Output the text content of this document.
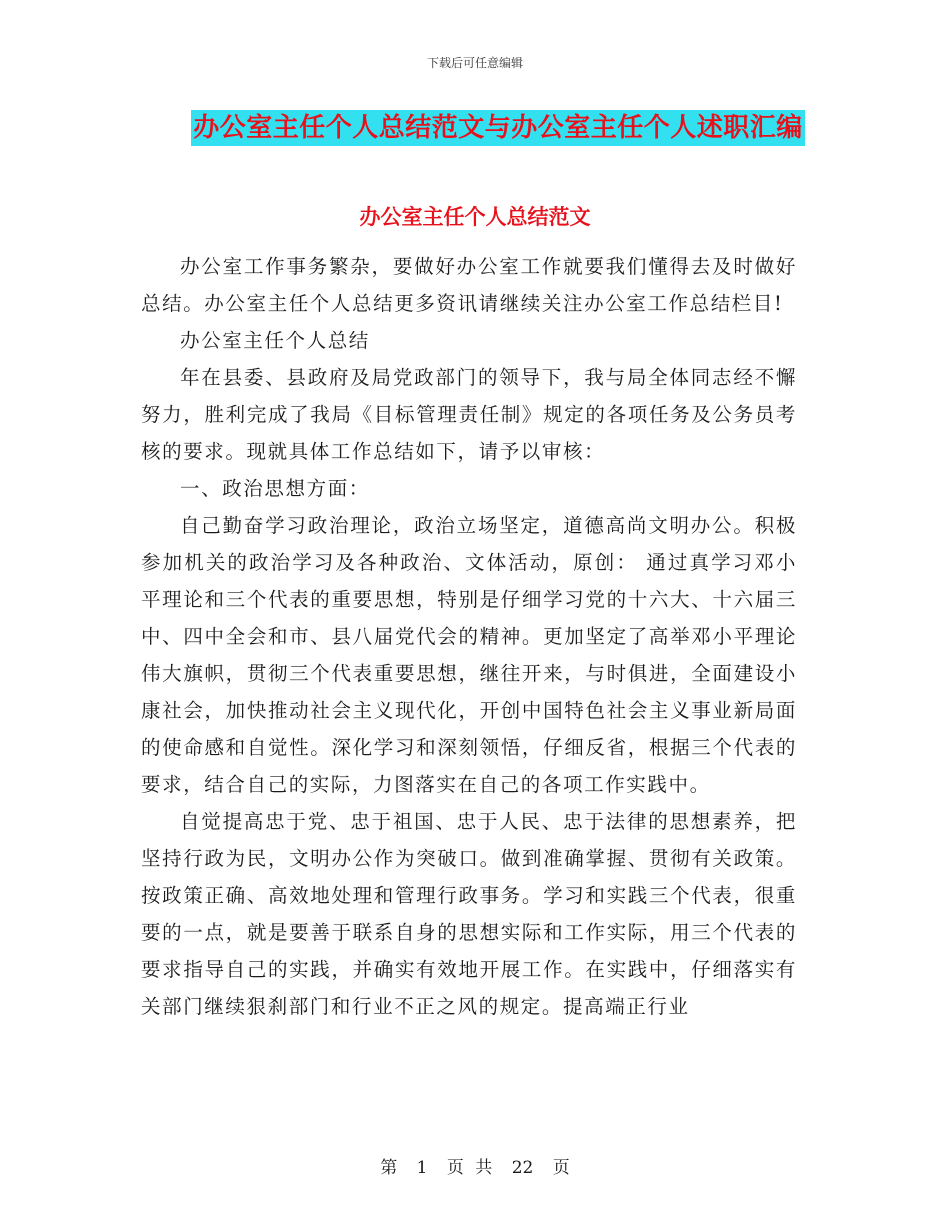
下载后可任意编辑
办公室主任个人总结范文与办公室主任个人述职汇编
办公室主任个人总结范文

办公室工作事务繁杂，要做好办公室工作就要我们懂得去及时做好总结。办公室主任个人总结更多资讯请继续关注办公室工作总结栏目!

办公室主任个人总结

年在县委、县政府及局党政部门的领导下，我与局全体同志经不懈努力，胜利完成了我局《目标管理责任制》规定的各项任务及公务员考核的要求。现就具体工作总结如下，请予以审核：

一、政治思想方面：

自己勤奋学习政治理论，政治立场坚定，道德高尚文明办公。积极参加机关的政治学习及各种政治、文体活动，原创： 通过真学习邓小平理论和三个代表的重要思想，特别是仔细学习党的十六大、十六届三中、四中全会和市、县八届党代会的精神。更加坚定了高举邓小平理论伟大旗帜，贯彻三个代表重要思想，继往开来，与时俱进，全面建设小康社会，加快推动社会主义现代化，开创中国特色社会主义事业新局面的使命感和自觉性。深化学习和深刻领悟，仔细反省，根据三个代表的要求，结合自己的实际，力图落实在自己的各项工作实践中。

自觉提高忠于党、忠于祖国、忠于人民、忠于法律的思想素养，把坚持行政为民，文明办公作为突破口。做到准确掌握、贯彻有关政策。按政策正确、高效地处理和管理行政事务。学习和实践三个代表，很重要的一点，就是要善于联系自身的思想实际和工作实际，用三个代表的要求指导自己的实践，并确实有效地开展工作。在实践中，仔细落实有关部门继续狠刹部门和行业不正之风的规定。提高端正行业

第 1 页 共 22 页
